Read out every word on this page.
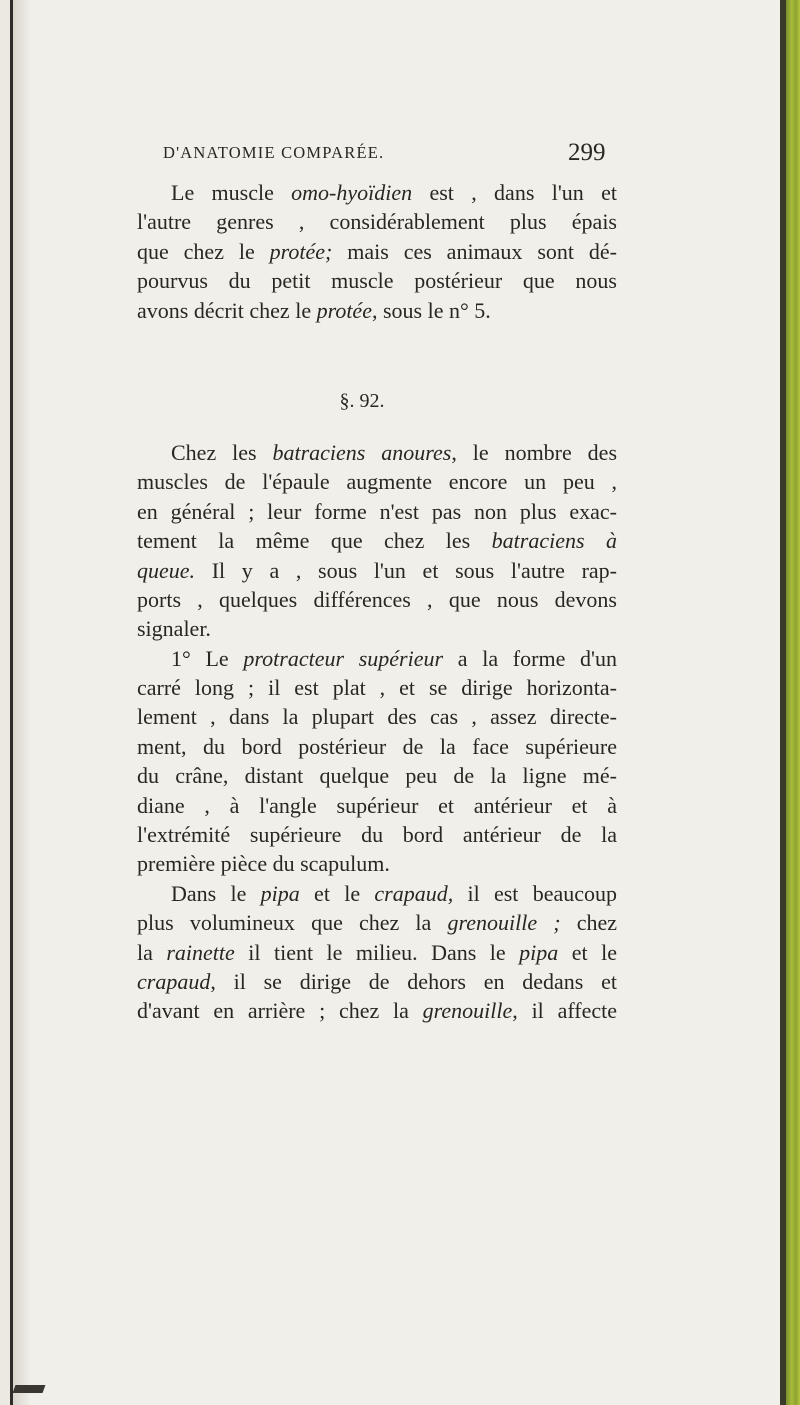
D'ANATOMIE COMPARÉE.	299
Le muscle omo-hyoïdien est , dans l'un et
l'autre genres , considérablement plus épais
que chez le protée; mais ces animaux sont dé-
pourvus du petit muscle postérieur que nous
avons décrit chez le protée, sous le n° 5.
§. 92.
Chez les batraciens anoures, le nombre des
muscles de l'épaule augmente encore un peu ,
en général ; leur forme n'est pas non plus exac-
tement la même que chez les batraciens à
queue. Il y a , sous l'un et sous l'autre rap-
ports , quelques différences , que nous devons
signaler.
1° Le protracteur supérieur a la forme d'un
carré long ; il est plat , et se dirige horizonta-
lement , dans la plupart des cas , assez directe-
ment, du bord postérieur de la face supérieure
du crâne, distant quelque peu de la ligne mé-
diane , à l'angle supérieur et antérieur et à
l'extrémité supérieure du bord antérieur de la
première pièce du scapulum.
Dans le pipa et le crapaud, il est beaucoup
plus volumineux que chez la grenouille ; chez
la rainette il tient le milieu. Dans le pipa et le
crapaud, il se dirige de dehors en dedans et
d'avant en arrière ; chez la grenouille, il affecte
